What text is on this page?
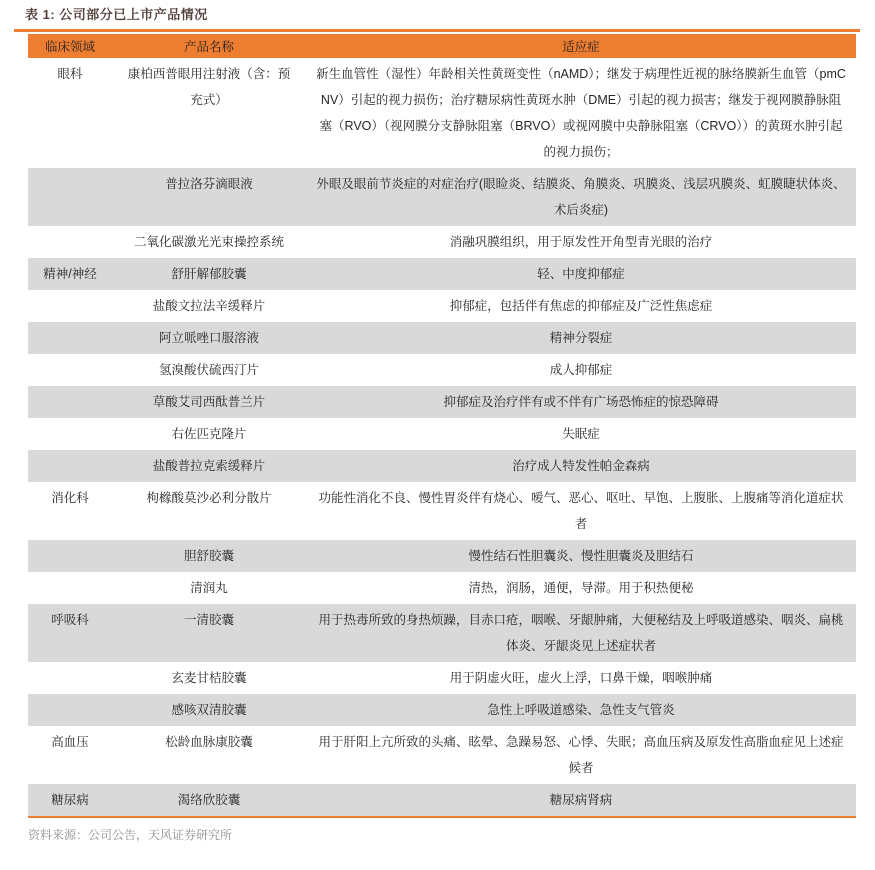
表 1: 公司部分已上市产品情况
临床领域	产品名称	适应症
眼科	康柏西普眼用注射液（含：预充式）	新生血管性（湿性）年龄相关性黄斑变性（nAMD）；继发于病理性近视的脉络膜新生血管（pmCNV）引起的视力损伤；治疗糖尿病性黄斑水肿（DME）引起的视力损害；继发于视网膜静脉阻塞（RVO）（视网膜分支静脉阻塞（BRVO）或视网膜中央静脉阻塞（CRVO））的黄斑水肿引起的视力损伤；
	普拉洛芬滴眼液	外眼及眼前节炎症的对症治疗(眼睑炎、结膜炎、角膜炎、巩膜炎、浅层巩膜炎、虹膜睫状体炎、术后炎症)
	二氧化碳激光光束操控系统	消融巩膜组织，用于原发性开角型青光眼的治疗
精神/神经	舒肝解郁胶囊	轻、中度抑郁症
	盐酸文拉法辛缓释片	抑郁症，包括伴有焦虑的抑郁症及广泛性焦虑症
	阿立哌唑口服溶液	精神分裂症
	氢溴酸伏硫西汀片	成人抑郁症
	草酸艾司西酞普兰片	抑郁症及治疗伴有或不伴有广场恐怖症的惊恐障碍
	右佐匹克隆片	失眠症
	盐酸普拉克索缓释片	治疗成人特发性帕金森病
消化科	枸橼酸莫沙必利分散片	功能性消化不良、慢性胃炎伴有烧心、嗳气、恶心、呕吐、早饱、上腹胀、上腹痛等消化道症状者
	胆舒胶囊	慢性结石性胆囊炎、慢性胆囊炎及胆结石
	清润丸	清热，润肠，通便，导滞。用于积热便秘
呼吸科	一清胶囊	用于热毒所致的身热烦躁，目赤口疮，咽喉、牙龈肿痛，大便秘结及上呼吸道感染、咽炎、扁桃体炎、牙龈炎见上述症状者
	玄麦甘桔胶囊	用于阴虚火旺，虚火上浮，口鼻干燥，咽喉肿痛
	感咳双清胶囊	急性上呼吸道感染、急性支气管炎
高血压	松龄血脉康胶囊	用于肝阳上亢所致的头痛、眩晕、急躁易怒、心悸、失眠；高血压病及原发性高脂血症见上述症候者
糖尿病	渴络欣胶囊	糖尿病肾病
资料来源：公司公告，天风证券研究所
